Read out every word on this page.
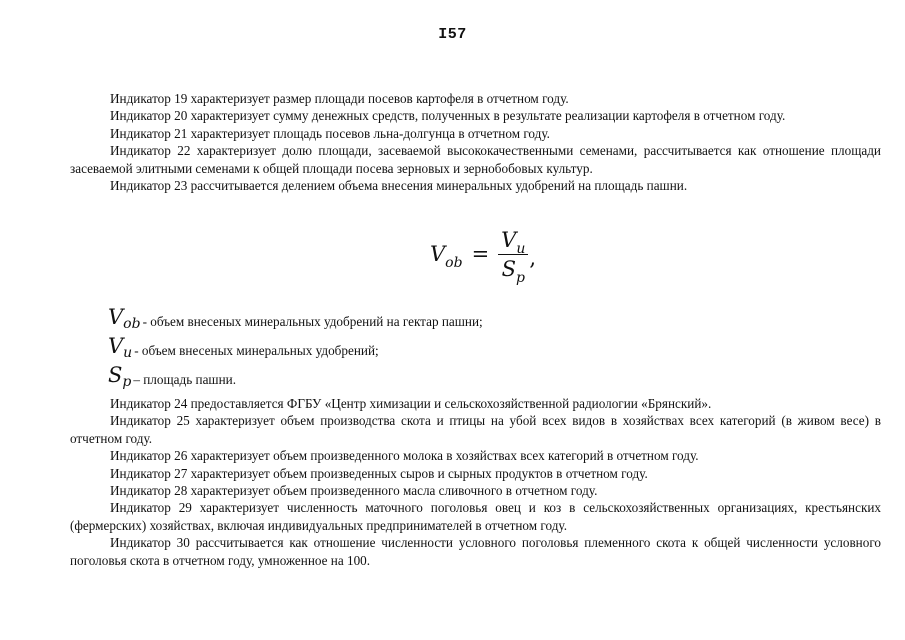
I57

Индикатор 19 характеризует размер площади посевов картофеля в отчетном году.

Индикатор 20 характеризует сумму денежных средств, полученных в результате реализации картофеля в отчетном году.

Индикатор 21 характеризует площадь посевов льна-долгунца в отчетном году.

Индикатор 22 характеризует долю площади, засеваемой высококачественными семенами, рассчитывается как отношение площади засеваемой элитными семенами к общей площади посева зерновых и зернобобовых культур.

Индикатор 23 рассчитывается делением объема внесения минеральных удобрений на площадь пашни.

$V_{ob} = \frac{V_u}{S_p}$ ,
Vob - объем внесеных минеральных удобрений на гектар пашни;
Vu - объем внесеных минеральных удобрений;
Sp – площадь пашни.

Индикатор 24 предоставляется ФГБУ «Центр химизации и сельскохозяйственной радиологии «Брянский».

Индикатор 25 характеризует объем производства скота и птицы на убой всех видов в хозяйствах всех категорий (в живом весе) в отчетном году.

Индикатор 26 характеризует объем произведенного молока в хозяйствах всех категорий в отчетном году.

Индикатор 27 характеризует объем произведенных сыров и сырных продуктов в отчетном году.

Индикатор 28 характеризует объем произведенного масла сливочного в отчетном году.

Индикатор 29 характеризует численность маточного поголовья овец и коз в сельскохозяйственных организациях, крестьянских (фермерских) хозяйствах, включая индивидуальных предпринимателей в отчетном году.

Индикатор 30 рассчитывается как отношение численности условного поголовья племенного скота к общей численности условного поголовья скота в отчетном году, умноженное на 100.
